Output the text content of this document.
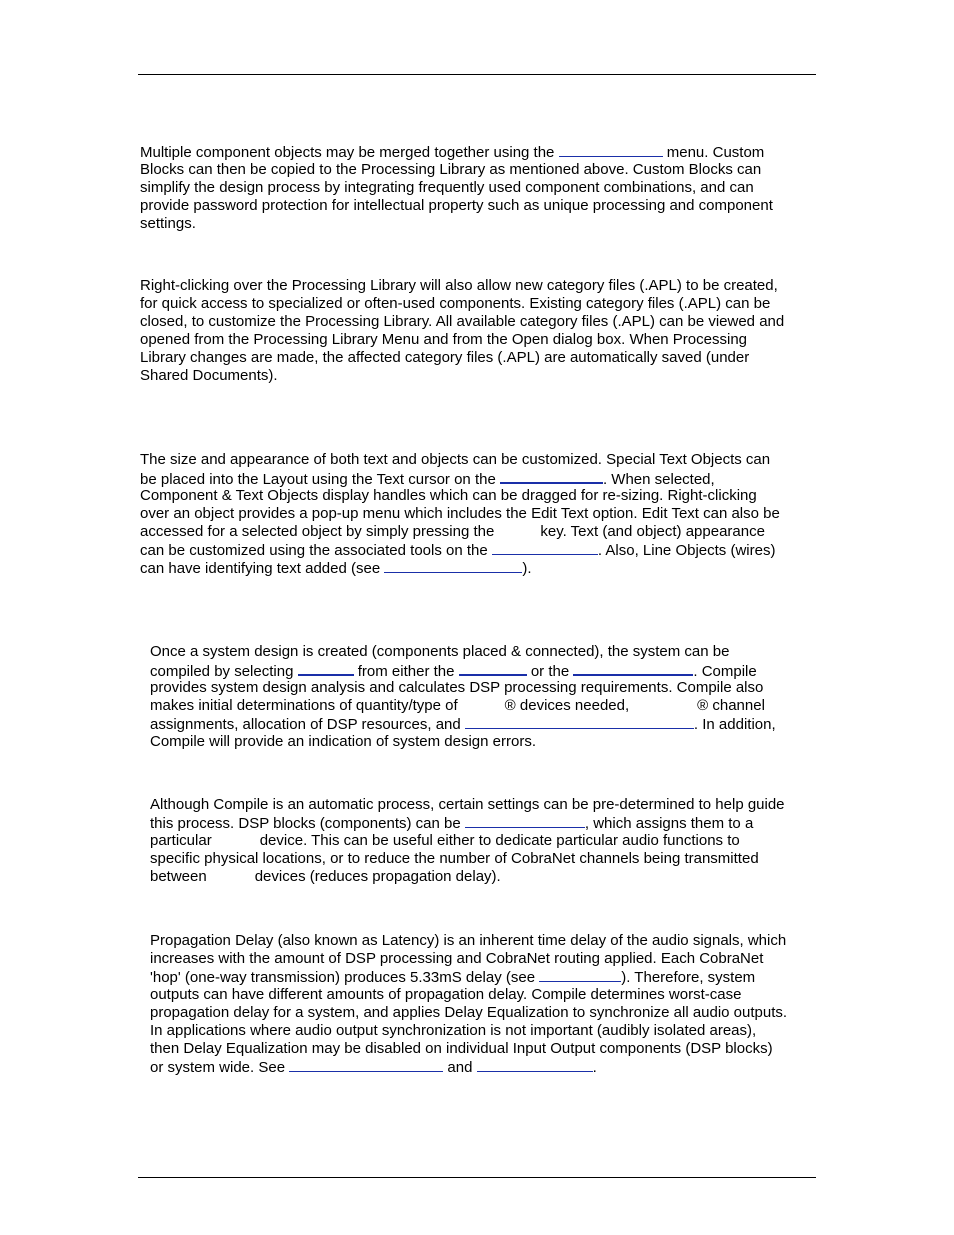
Multiple component objects may be merged together using the	menu. Custom
Blocks can then be copied to the Processing Library as mentioned above. Custom Blocks can
simplify the design process by integrating frequently used component combinations, and can
provide password protection for intellectual property such as unique processing and component
settings.

Right-clicking over the Processing Library will also allow new category files (.APL) to be created,
for quick access to specialized or often-used components. Existing category files (.APL) can be
closed, to customize the Processing Library. All available category files (.APL) can be viewed and
opened from the Processing Library Menu and from the Open dialog box. When Processing
Library changes are made, the affected category files (.APL) are automatically saved (under
Shared Documents).

The size and appearance of both text and objects can be customized. Special Text Objects can
be placed into the Layout using the Text cursor on the	. When selected,
Component & Text Objects display handles which can be dragged for re-sizing. Right-clicking
over an object provides a pop-up menu which includes the Edit Text option. Edit Text can also be
accessed for a selected object by simply pressing the	key. Text (and object) appearance
can be customized using the associated tools on the	. Also, Line Objects (wires)
can have identifying text added (see	).

Once a system design is created (components placed & connected), the system can be
compiled by selecting	from either the	or the	. Compile
provides system design analysis and calculates DSP processing requirements. Compile also
makes initial determinations of quantity/type of	® devices needed,	® channel
assignments, allocation of DSP resources, and	. In addition,
Compile will provide an indication of system design errors.

Although Compile is an automatic process, certain settings can be pre-determined to help guide
this process. DSP blocks (components) can be	, which assigns them to a
particular	device. This can be useful either to dedicate particular audio functions to
specific physical locations, or to reduce the number of CobraNet channels being transmitted
between	devices (reduces propagation delay).

Propagation Delay (also known as Latency) is an inherent time delay of the audio signals, which
increases with the amount of DSP processing and CobraNet routing applied. Each CobraNet
'hop' (one-way transmission) produces 5.33mS delay (see	). Therefore, system
outputs can have different amounts of propagation delay. Compile determines worst-case
propagation delay for a system, and applies Delay Equalization to synchronize all audio outputs.
In applications where audio output synchronization is not important (audibly isolated areas),
then Delay Equalization may be disabled on individual Input Output components (DSP blocks)
or system wide. See	and	.
